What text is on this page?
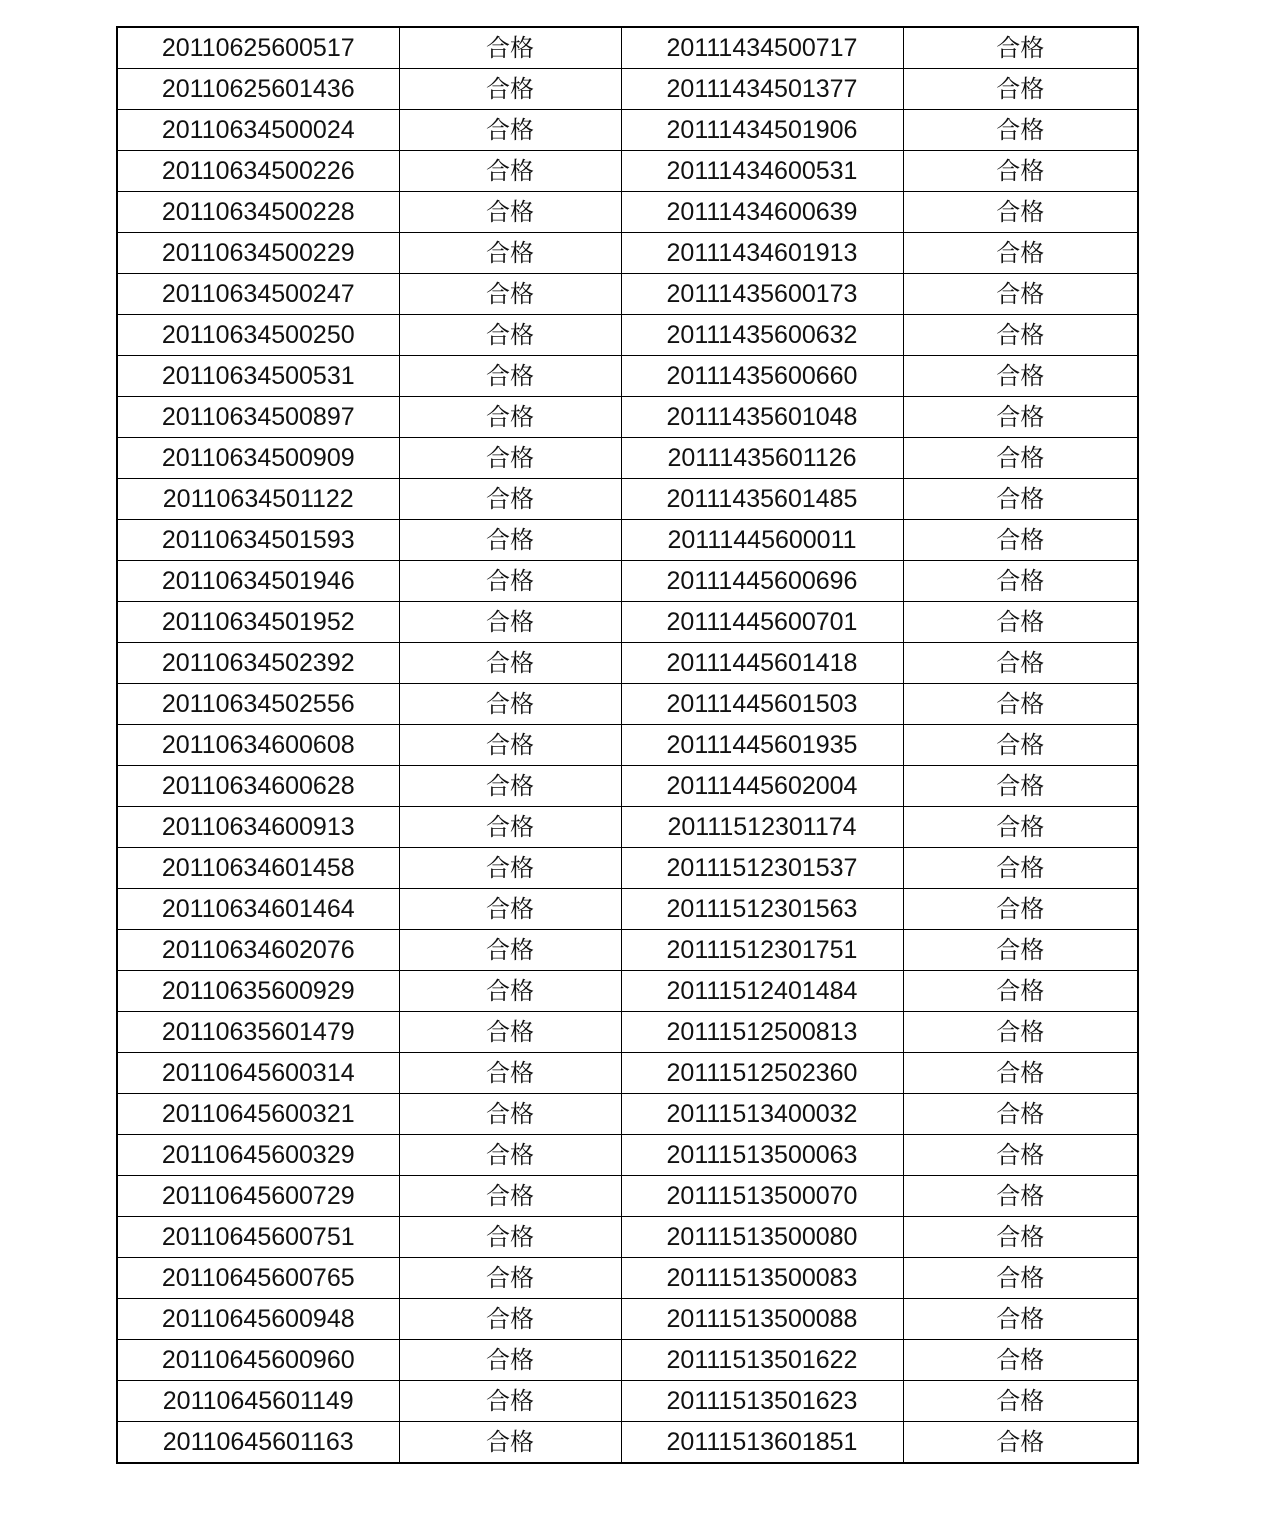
20110625600517	合格	20111434500717	合格
20110625601436	合格	20111434501377	合格
20110634500024	合格	20111434501906	合格
20110634500226	合格	20111434600531	合格
20110634500228	合格	20111434600639	合格
20110634500229	合格	20111434601913	合格
20110634500247	合格	20111435600173	合格
20110634500250	合格	20111435600632	合格
20110634500531	合格	20111435600660	合格
20110634500897	合格	20111435601048	合格
20110634500909	合格	20111435601126	合格
20110634501122	合格	20111435601485	合格
20110634501593	合格	20111445600011	合格
20110634501946	合格	20111445600696	合格
20110634501952	合格	20111445600701	合格
20110634502392	合格	20111445601418	合格
20110634502556	合格	20111445601503	合格
20110634600608	合格	20111445601935	合格
20110634600628	合格	20111445602004	合格
20110634600913	合格	20111512301174	合格
20110634601458	合格	20111512301537	合格
20110634601464	合格	20111512301563	合格
20110634602076	合格	20111512301751	合格
20110635600929	合格	20111512401484	合格
20110635601479	合格	20111512500813	合格
20110645600314	合格	20111512502360	合格
20110645600321	合格	20111513400032	合格
20110645600329	合格	20111513500063	合格
20110645600729	合格	20111513500070	合格
20110645600751	合格	20111513500080	合格
20110645600765	合格	20111513500083	合格
20110645600948	合格	20111513500088	合格
20110645600960	合格	20111513501622	合格
20110645601149	合格	20111513501623	合格
20110645601163	合格	20111513601851	合格
